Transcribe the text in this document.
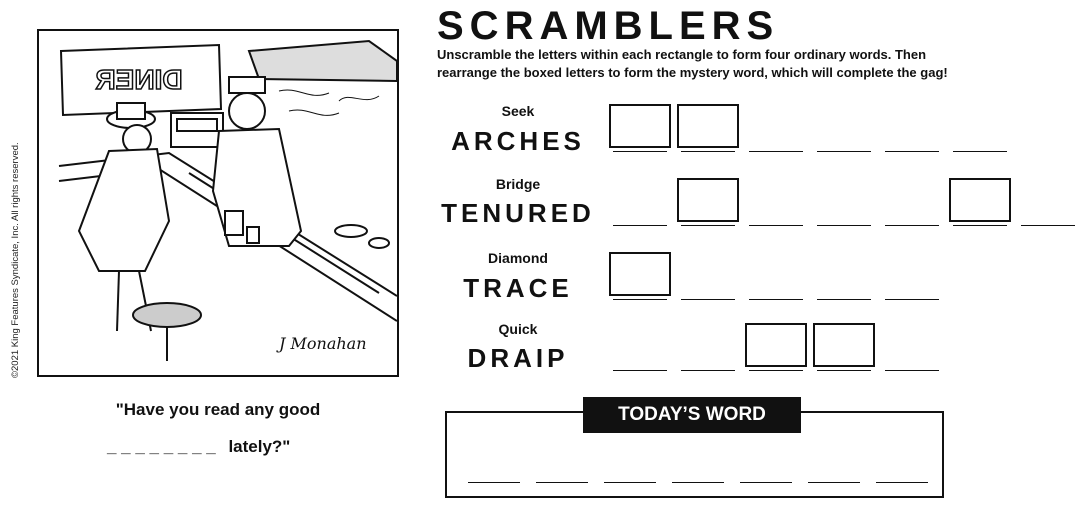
©2021 King Features Syndicate, Inc. All rights reserved.
DINER
J Monahan
"Have you read any good
_ _ _ _ _ _ _ _ lately?"
SCRAMBLERS
Unscramble the letters within each rectangle to form four ordinary words. Then
rearrange the boxed letters to form the mystery word, which will complete the gag!
Seek
ARCHES
Bridge
TENURED
Diamond
TRACE
Quick
DRAIP
TODAY’S WORD
